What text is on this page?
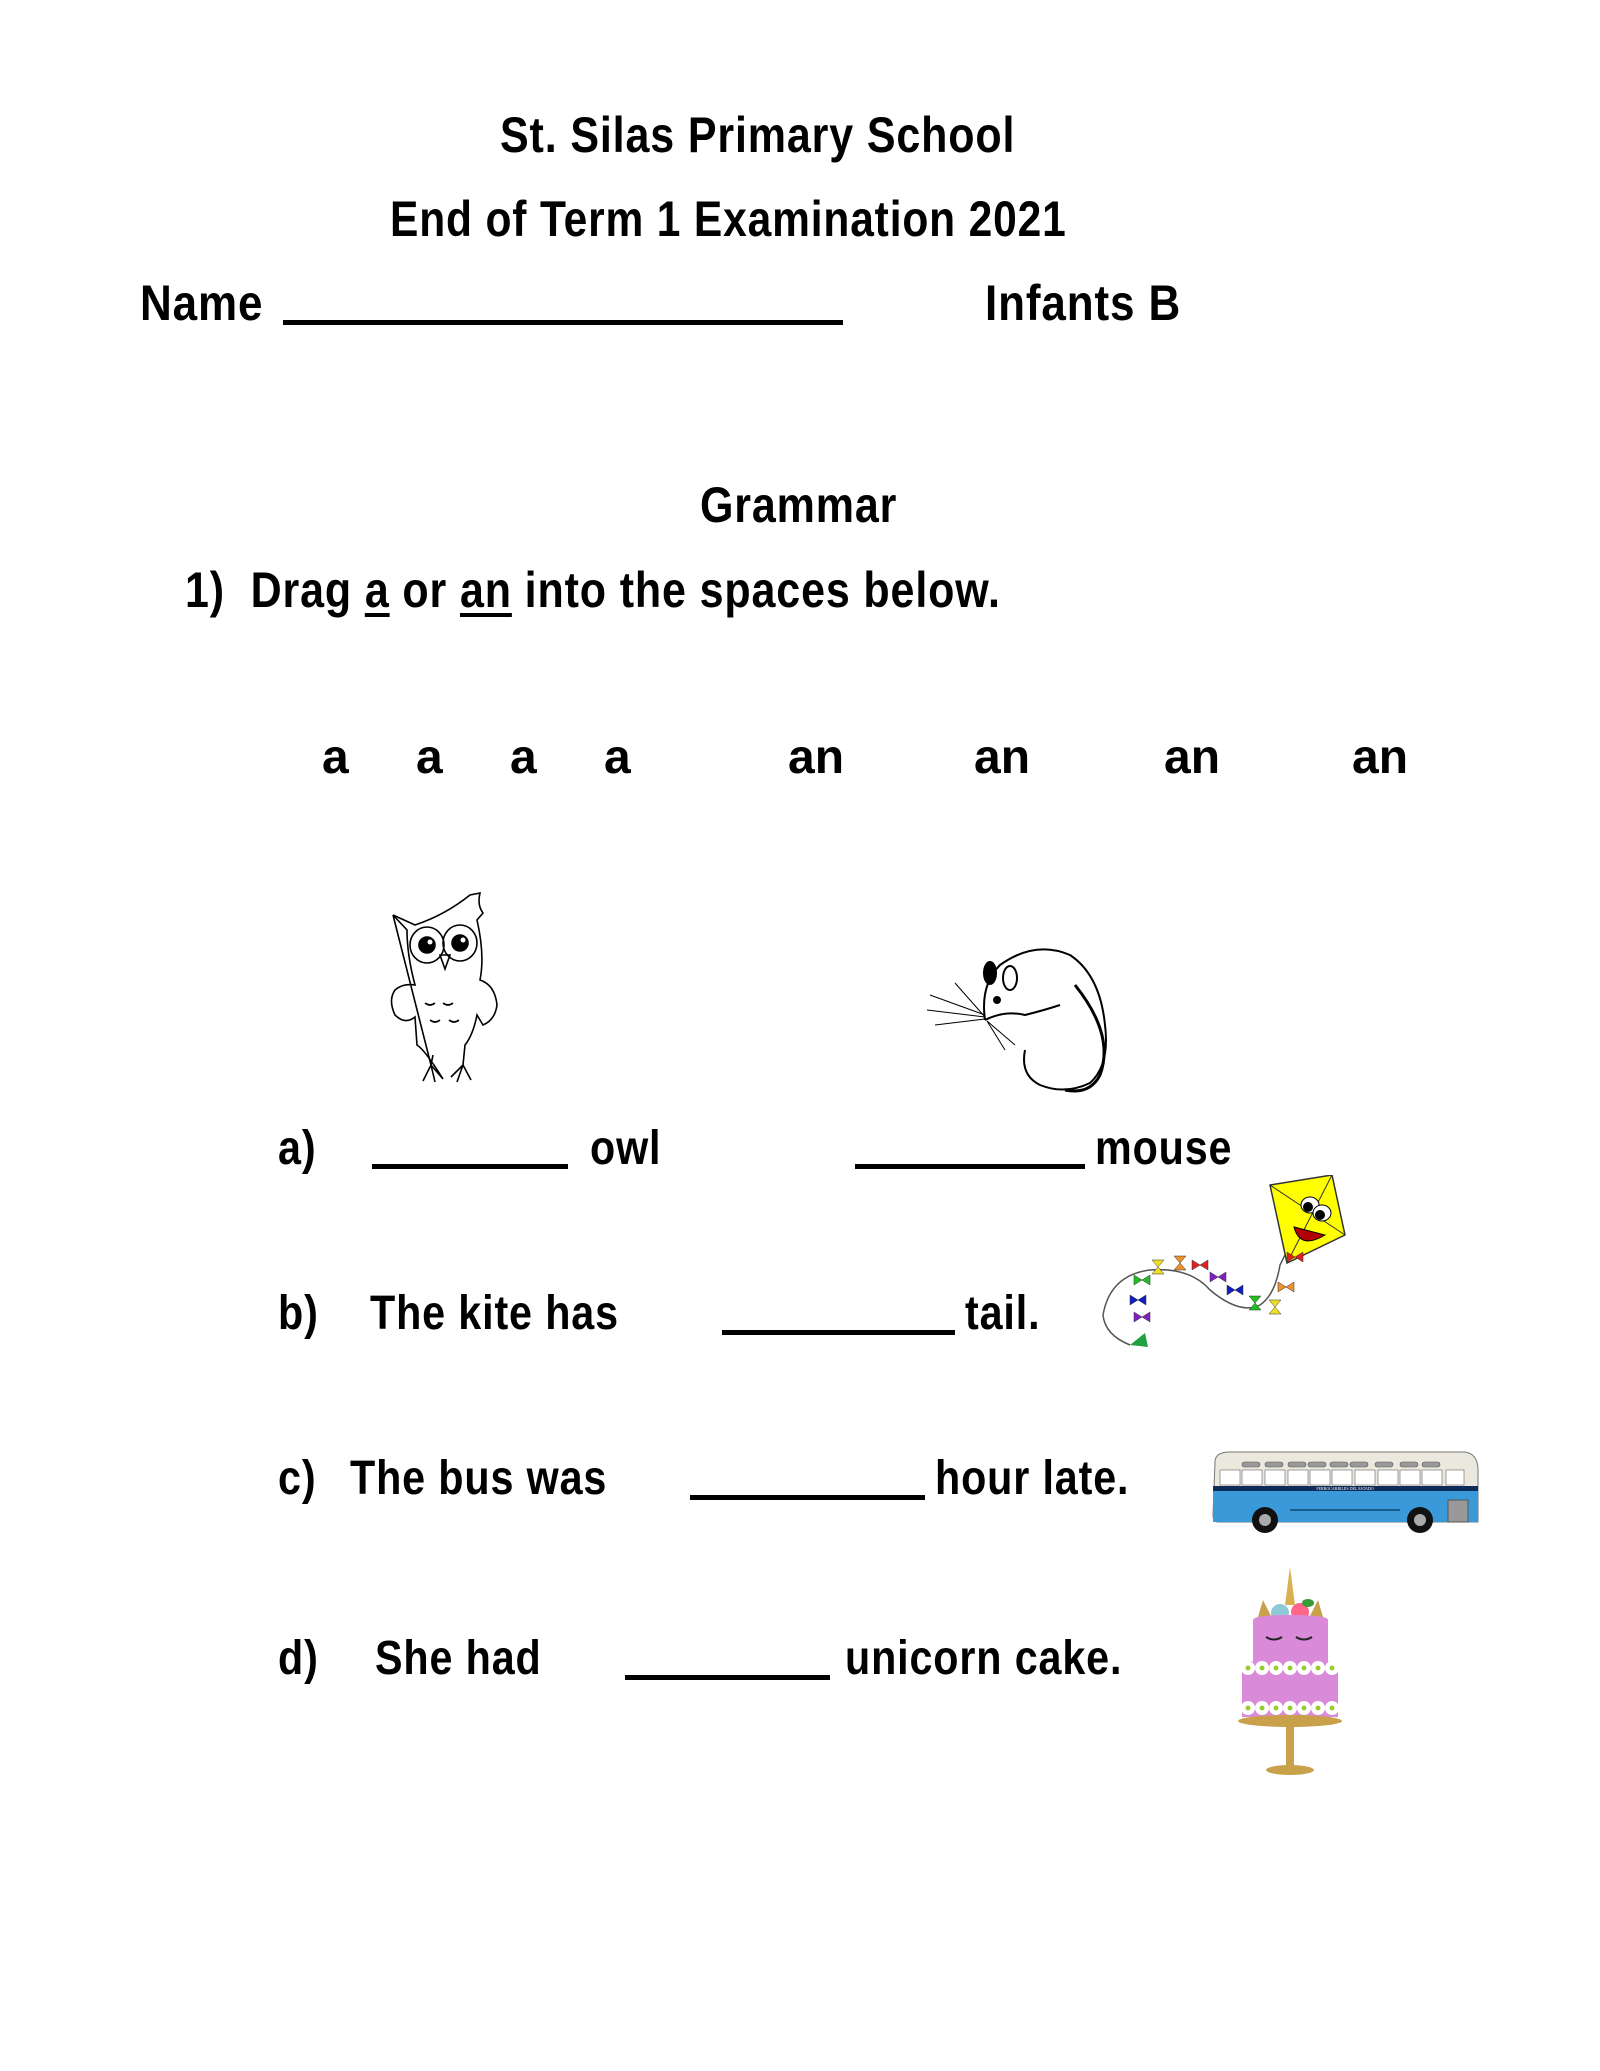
St. Silas Primary School
End of Term 1 Examination 2021
Name	Infants B
Grammar
1) Drag a or an into the spaces below.
a a a a	an	an	an	an
a)	owl	mouse
b) The kite has	tail.
c) The bus was	hour late.	FERROCARRILES DEL ESTADO
d) She had	unicorn cake.
